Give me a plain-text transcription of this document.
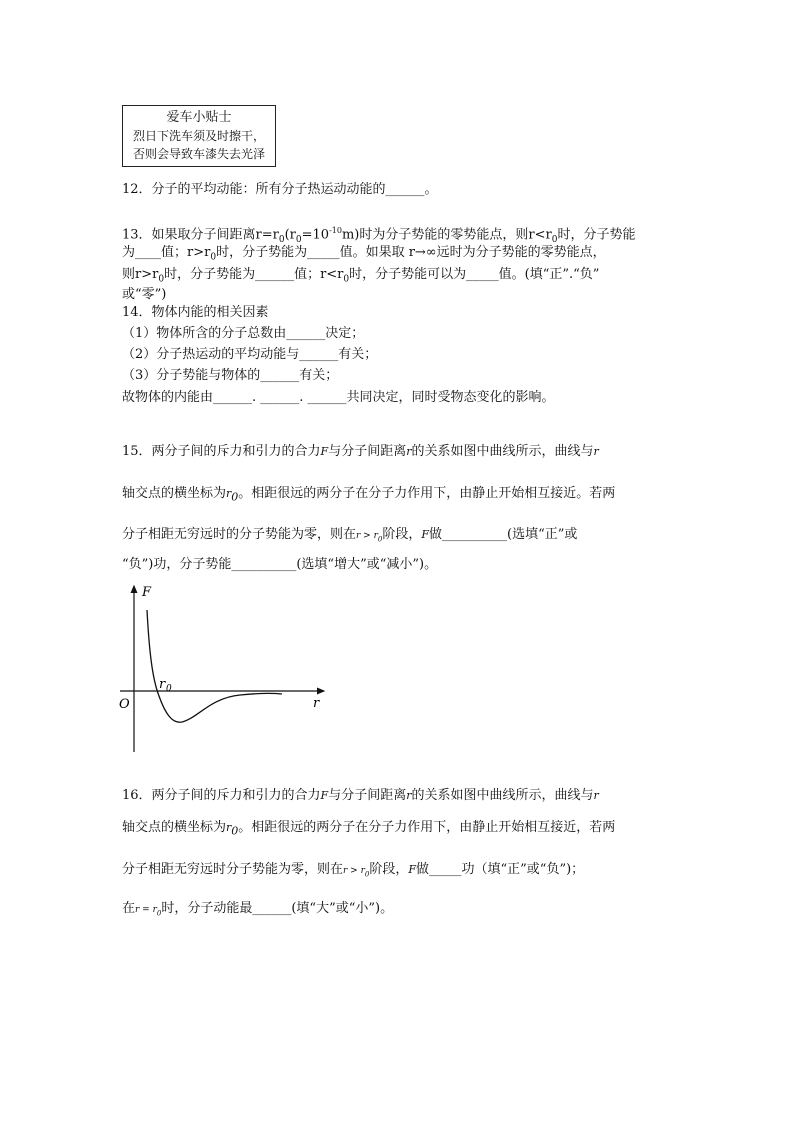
爱车小贴士
烈日下洗车须及时擦干，
否则会导致车漆失去光泽
12．分子的平均动能：所有分子热运动动能的______。
13．如果取分子间距离$r=r_0(r_0=10^{-10}m)$时为分子势能的零势能点，则$r<r_0$时，分子势能
为____值；$r>r_0$时，分子势能为_____值。如果取 r→∞远时为分子势能的零势能点，
则$r>r_0$时，分子势能为______值；$r<r_0$时，分子势能可以为_____值。(填“正”.“负”
或“零”)
14．物体内能的相关因素
（1）物体所含的分子总数由______决定；
（2）分子热运动的平均动能与______有关；
（3）分子势能与物体的______有关；
故物体的内能由______. ______. ______共同决定，同时受物态变化的影响。
15．两分子间的斥力和引力的合力F与分子间距离r的关系如图中曲线所示，曲线与r
轴交点的横坐标为$r_0$。相距很远的两分子在分子力作用下，由静止开始相互接近。若两
分子相距无穷远时的分子势能为零，则在$r > r_0$阶段，F做__________(选填“正”或
“负”)功，分子势能__________(选填“增大”或“减小”)。
F
r
O
r 0
16．两分子间的斥力和引力的合力F与分子间距离r的关系如图中曲线所示，曲线与r
轴交点的横坐标为$r_0$。相距很远的两分子在分子力作用下，由静止开始相互接近，若两
分子相距无穷远时分子势能为零，则在$r > r_0$阶段，F做_____功（填“正”或“负”)；
在$r = r_0$时，分子动能最______(填“大”或“小”)。
